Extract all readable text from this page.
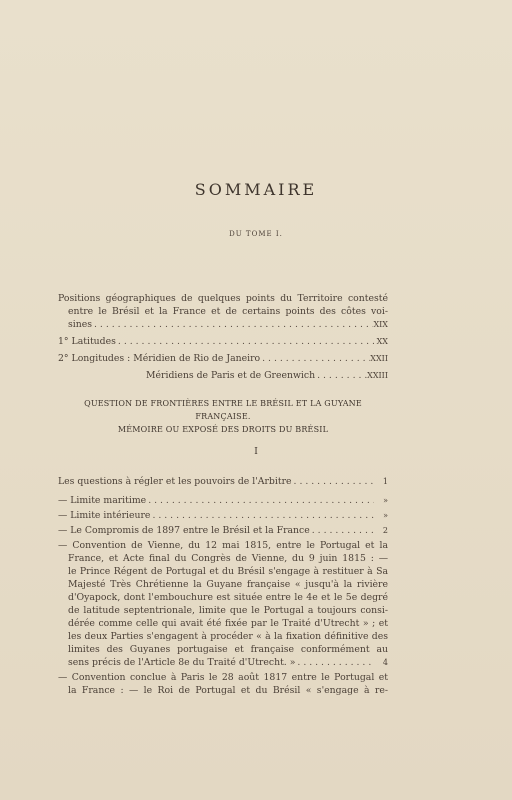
SOMMAIRE
DU TOME I.
Positions géographiques de quelques points du Territoire contesté
entre le Brésil et la France et de certains points des côtes voi-
sines . . .	XIX
1° Latitudes . . .	XX
2° Longitudes : Méridien de Rio de Janeiro . . .	XXII
Méridiens de Paris et de Greenwich . . .	XXIII
QUESTION DE FRONTIÈRES ENTRE LE BRÉSIL ET LA GUYANE FRANÇAISE.
MÉMOIRE OU EXPOSÉ DES DROITS DU BRÉSIL
I
Les questions à régler et les pouvoirs de l'Arbitre . . .	1
— Limite maritime . . .	»
— Limite intérieure . . .	»
— Le Compromis de 1897 entre le Brésil et la France . . .	2
— Convention de Vienne, du 12 mai 1815, entre le Portugal et la
France, et Acte final du Congrès de Vienne, du 9 juin 1815 : —
le Prince Régent de Portugal et du Brésil s'engage à restituer à Sa
Majesté Très Chrétienne la Guyane française « jusqu'à la rivière
d'Oyapock, dont l'embouchure est située entre le 4e et le 5e degré
de latitude septentrionale, limite que le Portugal a toujours consi-
dérée comme celle qui avait été fixée par le Traité d'Utrecht » ; et
les deux Parties s'engagent à procéder « à la fixation définitive des
limites des Guyanes portugaise et française conformément au
sens précis de l'Article 8e du Traité d'Utrecht. » . . .	4
— Convention conclue à Paris le 28 août 1817 entre le Portugal et
la France : — le Roi de Portugal et du Brésil « s'engage à re-
